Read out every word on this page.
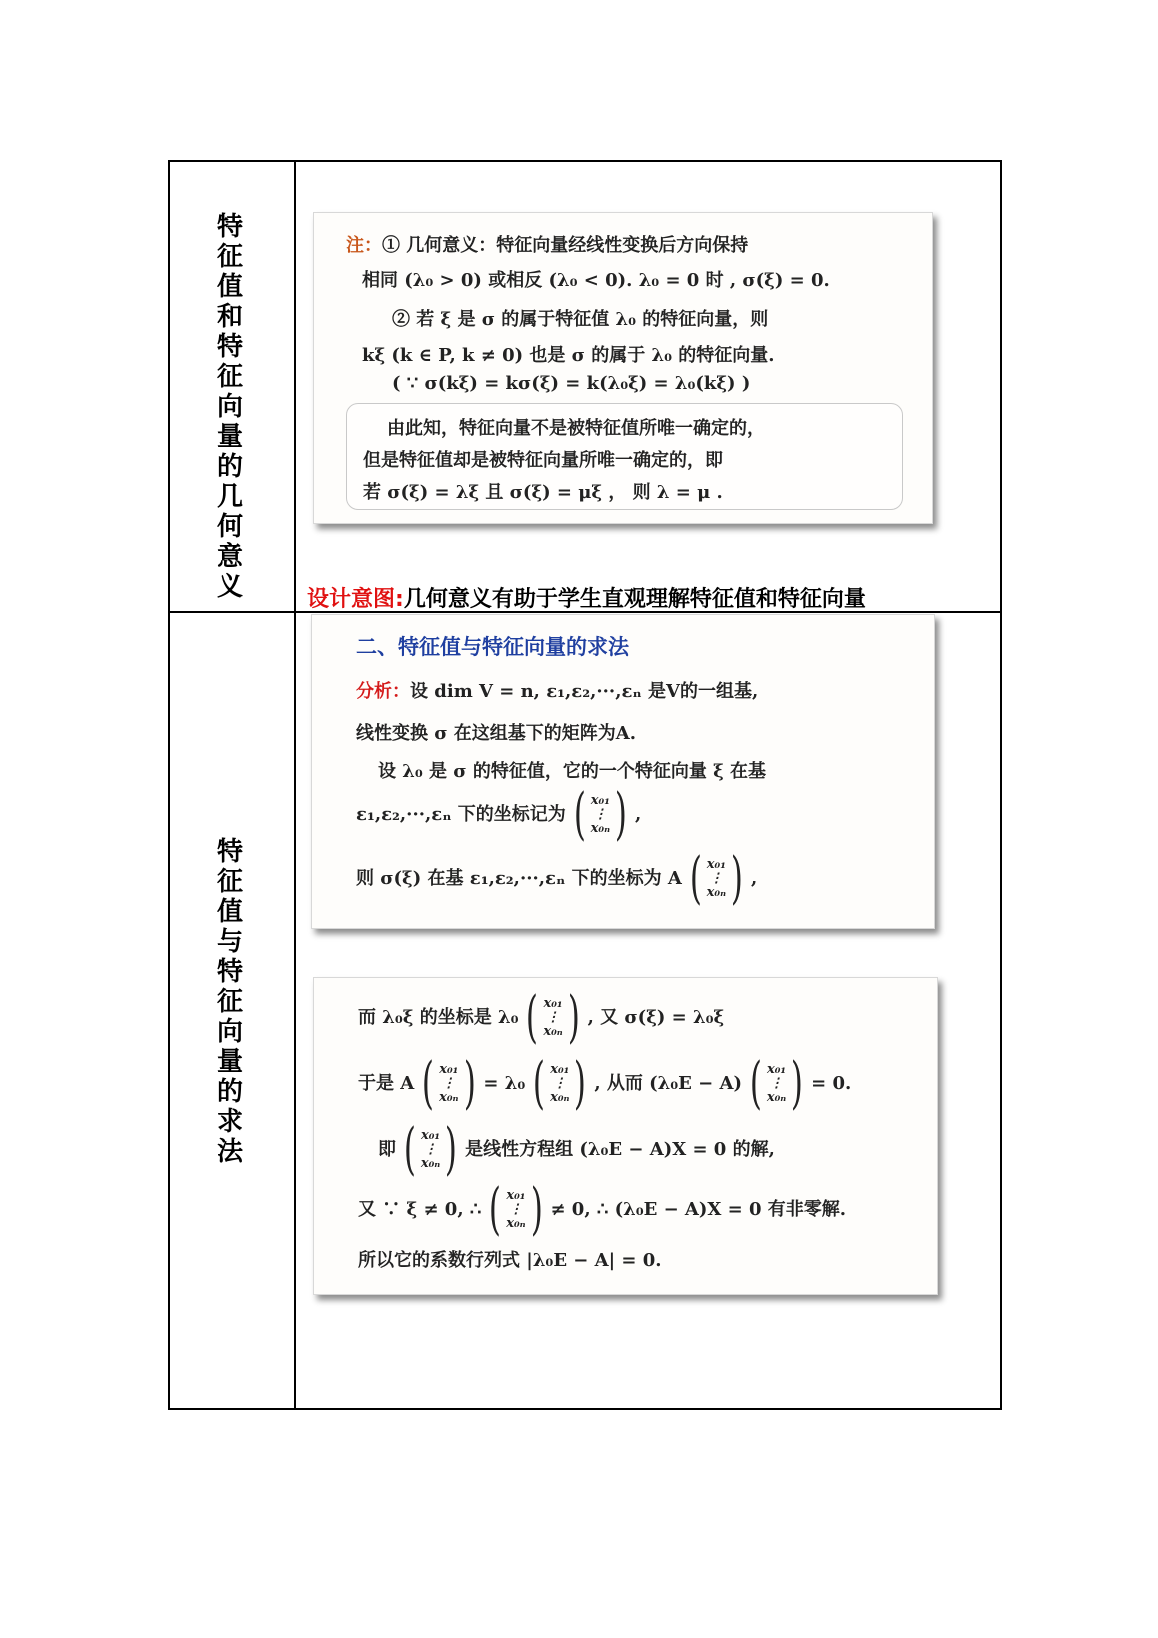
特
征
值
和
特
征
向
量
的
几
何
意
义
注：① 几何意义：特征向量经线性变换后方向保持
相同 (λ₀ > 0) 或相反 (λ₀ < 0). λ₀ = 0 时 , σ(ξ) = 0.
② 若 ξ 是 σ 的属于特征值 λ₀ 的特征向量，则
kξ (k ∈ P, k ≠ 0) 也是 σ 的属于 λ₀ 的特征向量.
( ∵ σ(kξ) = kσ(ξ) = k(λ₀ξ) = λ₀(kξ) )
由此知，特征向量不是被特征值所唯一确定的，
但是特征值却是被特征向量所唯一确定的，即
若 σ(ξ) = λξ 且 σ(ξ) = μξ ， 则 λ = μ .
设计意图:几何意义有助于学生直观理解特征值和特征向量
特
征
值
与
特
征
向
量
的
求
法
二、特征值与特征向量的求法
分析：设 dim V = n, ε₁,ε₂,···,εₙ 是V的一组基,
线性变换 σ 在这组基下的矩阵为A.
设 λ₀ 是 σ 的特征值，它的一个特征向量 ξ 在基
ε₁,ε₂,···,εₙ 下的坐标记为 ( x₀₁
⋮
x₀ₙ ) ,
则 σ(ξ) 在基 ε₁,ε₂,···,εₙ 下的坐标为 A ( x₀₁
⋮
x₀ₙ ) ,
而 λ₀ξ 的坐标是 λ₀ ( x₀₁
⋮
x₀ₙ ) , 又 σ(ξ) = λ₀ξ
于是 A ( x₀₁
⋮
x₀ₙ ) = λ₀ ( x₀₁
⋮
x₀ₙ ) , 从而 (λ₀E − A) ( x₀₁
⋮
x₀ₙ ) = 0.
即 ( x₀₁
⋮
x₀ₙ ) 是线性方程组 (λ₀E − A)X = 0 的解,
又 ∵ ξ ≠ 0, ∴ ( x₀₁
⋮
x₀ₙ ) ≠ 0, ∴ (λ₀E − A)X = 0 有非零解.
所以它的系数行列式 |λ₀E − A| = 0.
